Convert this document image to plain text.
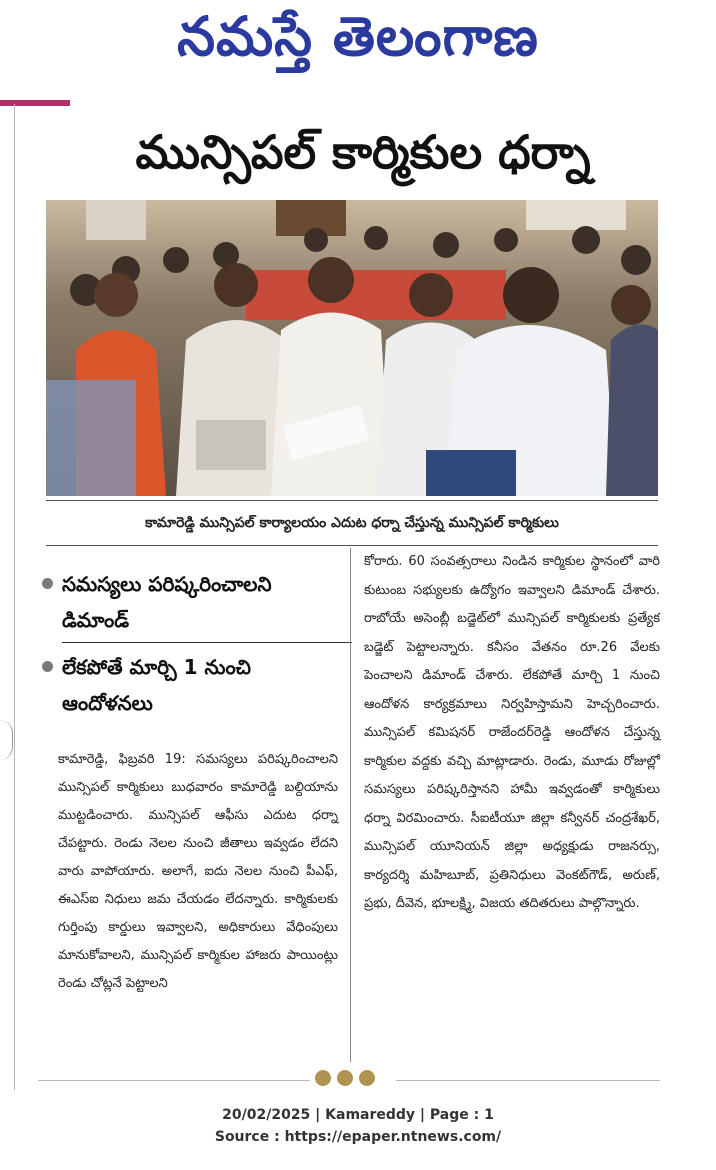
నమస్తే తెలంగాణ
మున్సిపల్ కార్మికుల ధర్నా
కామారెడ్డి మున్సిపల్ కార్యాలయం ఎదుట ధర్నా చేస్తున్న మున్సిపల్ కార్మికులు
సమస్యలు పరిష్కరించాలని డిమాండ్
లేకపోతే మార్చి 1 నుంచి ఆందోళనలు
కామారెడ్డి, ఫిబ్రవరి 19: సమస్యలు పరిష్కరించాలని మున్సిపల్ కార్మికులు బుధవారం కామారెడ్డి బల్దియాను ముట్టడించారు. మున్సిపల్ ఆఫీసు ఎదుట ధర్నా చేపట్టారు. రెండు నెలల నుంచి జీతాలు ఇవ్వడం లేదని వారు వాపోయారు. అలాగే, ఐదు నెలల నుంచి పీఎఫ్, ఈఎస్ఐ నిధులు జమ చేయడం లేదన్నారు. కార్మికులకు గుర్తింపు కార్డులు ఇవ్వాలని, అధికారులు వేధింపులు మానుకోవాలని, మున్సిపల్ కార్మికుల హాజరు పాయింట్లు రెండు చోట్లనే పెట్టాలని
కోరారు. 60 సంవత్సరాలు నిండిన కార్మికుల స్థానంలో వారి కుటుంబ సభ్యులకు ఉద్యోగం ఇవ్వాలని డిమాండ్ చేశారు. రాబోయే అసెంబ్లీ బడ్జెట్‌లో మున్సిపల్ కార్మికులకు ప్రత్యేక బడ్జెట్ పెట్టాలన్నారు. కనీసం వేతనం రూ.26 వేలకు పెంచాలని డిమాండ్ చేశారు. లేకపోతే మార్చి 1 నుంచి ఆందోళన కార్యక్రమాలు నిర్వహిస్తామని హెచ్చరించారు. మున్సిపల్ కమిషనర్ రాజేందర్‌రెడ్డి ఆందోళన చేస్తున్న కార్మికుల వద్దకు వచ్చి మాట్లాడారు. రెండు, మూడు రోజుల్లో సమస్యలు పరిష్కరిస్తానని హామీ ఇవ్వడంతో కార్మికులు ధర్నా విరమించారు. సీఐటీయూ జిల్లా కన్వీనర్ చంద్రశేఖర్, మున్సిపల్ యూనియన్ జిల్లా అధ్యక్షుడు రాజనర్సు, కార్యదర్శి మహిబూబ్, ప్రతినిధులు వెంకట్‌గౌడ్, అరుణ్, ప్రభు, దీవెన, భూలక్ష్మి, విజయ తదితరులు పాల్గొన్నారు.
20/02/2025 | Kamareddy | Page : 1
Source : https://epaper.ntnews.com/
